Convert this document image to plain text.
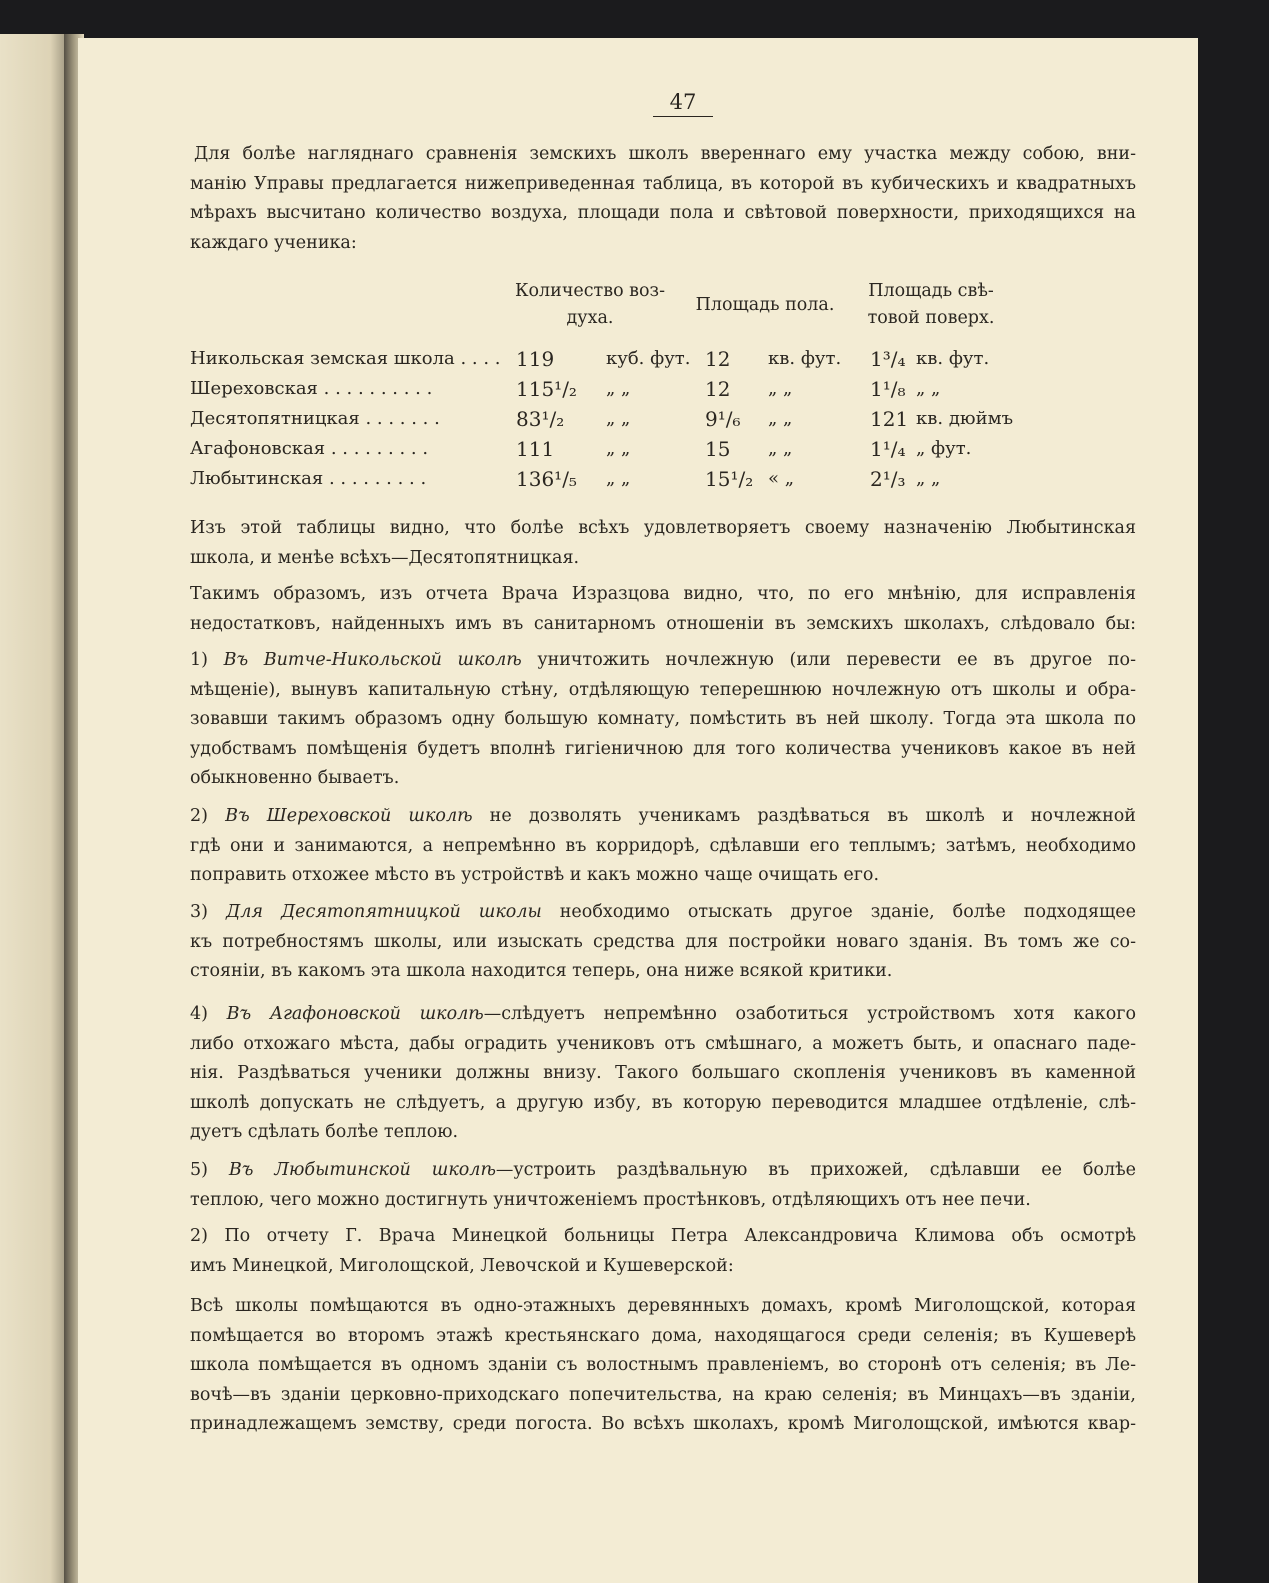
47

Для болѣе нагляднаго сравненія земскихъ школъ ввереннаго ему участка между собою, вни-
манію Управы предлагается нижеприведенная таблица, въ которой въ кубическихъ и квадратныхъ
мѣрахъ высчитано количество воздуха, площади пола и свѣтовой поверхности, приходящихся на
каждаго ученика:

Количество воз-
духа.
Площадь пола.
Площадь свѣ-
товой поверх.
Никольская земская школа . . . . 119	куб. фут. 12 кв. фут. 1³/₄ кв. фут.
Шереховская . . . . . . . . . .	115¹/₂ „ „	12 „ „	1¹/₈ „ „
Десятопятницкая . . . . . . .	83¹/₂ „ „	9¹/₆ „ „	121 кв. дюймъ
Агафоновская . . . . . . . . .	111	„ „	15 „ „	1¹/₄ „ фут.
Любытинская . . . . . . . . .	136¹/₅ „ „	15¹/₂ « „	2¹/₃ „ „

Изъ этой таблицы видно, что болѣе всѣхъ удовлетворяетъ своему назначенію Любытинская
школа, и менѣе всѣхъ—Десятопятницкая.

Такимъ образомъ, изъ отчета Врача Изразцова видно, что, по его мнѣнію, для исправленія
недостатковъ, найденныхъ имъ въ санитарномъ отношеніи въ земскихъ школахъ, слѣдовало бы:

1) Въ Витче-Никольской школѣ уничтожить ночлежную (или перевести ее въ другое по-
мѣщеніе), вынувъ капитальную стѣну, отдѣляющую теперешнюю ночлежную отъ школы и обра-
зовавши такимъ образомъ одну большую комнату, помѣстить въ ней школу. Тогда эта школа по
удобствамъ помѣщенія будетъ вполнѣ гигіеничною для того количества учениковъ какое въ ней
обыкновенно бываетъ.

2) Въ Шереховской школѣ не дозволять ученикамъ раздѣваться въ школѣ и ночлежной
гдѣ они и занимаются, а непремѣнно въ корридорѣ, сдѣлавши его теплымъ; затѣмъ, необходимо
поправить отхожее мѣсто въ устройствѣ и какъ можно чаще очищать его.

3) Для Десятопятницкой школы необходимо отыскать другое зданіе, болѣе подходящее
къ потребностямъ школы, или изыскать средства для постройки новаго зданія. Въ томъ же со-
стояніи, въ какомъ эта школа находится теперь, она ниже всякой критики.

4) Въ Агафоновской школѣ—слѣдуетъ непремѣнно озаботиться устройствомъ хотя какого
либо отхожаго мѣста, дабы оградить учениковъ отъ смѣшнаго, а можетъ быть, и опаснаго паде-
нія. Раздѣваться ученики должны внизу. Такого большаго скопленія учениковъ въ каменной
школѣ допускать не слѣдуетъ, а другую избу, въ которую переводится младшее отдѣленіе, слѣ-
дуетъ сдѣлать болѣе теплою.

5) Въ Любытинской школѣ—устроить раздѣвальную въ прихожей, сдѣлавши ее болѣе
теплою, чего можно достигнуть уничтоженіемъ простѣнковъ, отдѣляющихъ отъ нее печи.

2) По отчету Г. Врача Минецкой больницы Петра Александровича Климова объ осмотрѣ
имъ Минецкой, Миголощской, Левочской и Кушеверской:

Всѣ школы помѣщаются въ одно-этажныхъ деревянныхъ домахъ, кромѣ Миголощской, которая
помѣщается во второмъ этажѣ крестьянскаго дома, находящагося среди селенія; въ Кушеверѣ
школа помѣщается въ одномъ зданіи съ волостнымъ правленіемъ, во сторонѣ отъ селенія; въ Ле-
вочѣ—въ зданіи церковно-приходскаго попечительства, на краю селенія; въ Минцахъ—въ зданіи,
принадлежащемъ земству, среди погоста. Во всѣхъ школахъ, кромѣ Миголощской, имѣются квар-
